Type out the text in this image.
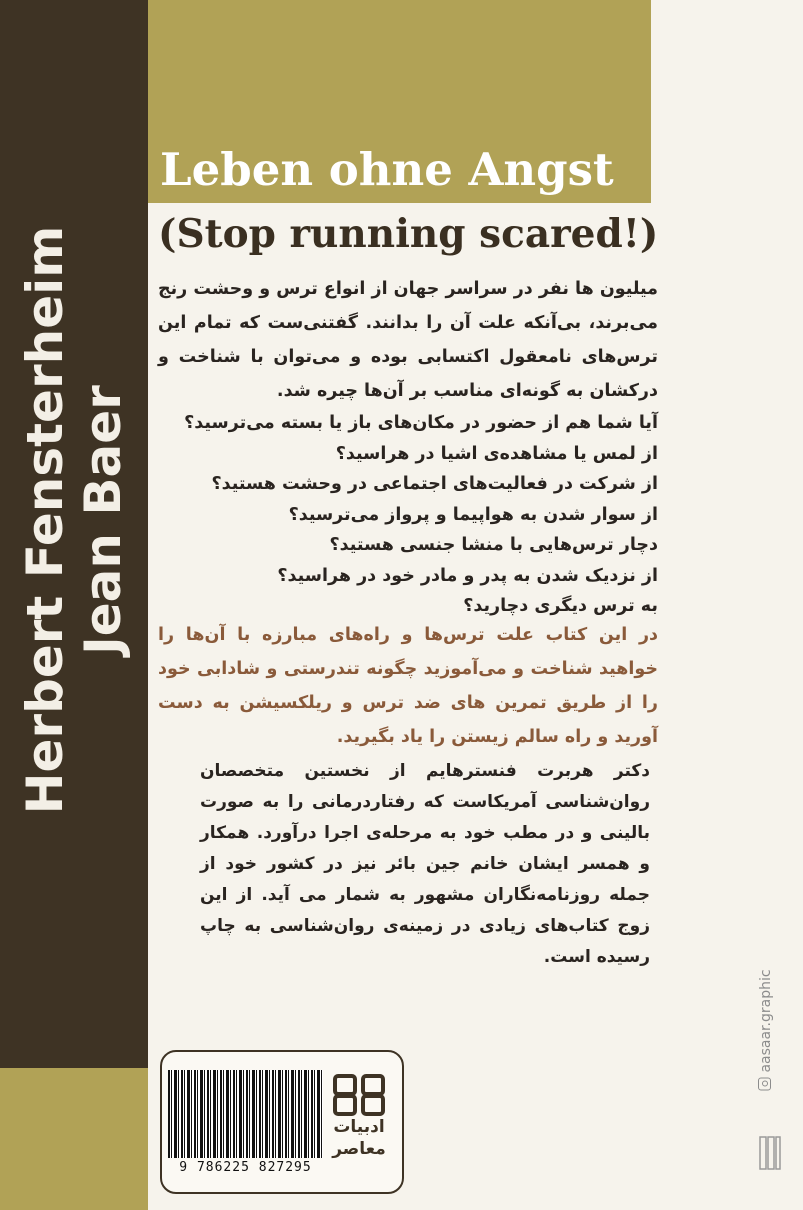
Herbert Fensterheim Jean Baer
Leben ohne Angst
(Stop running scared!)
میلیون ها نفر در سراسر جهان از انواع ترس و وحشت رنج می‌برند، بی‌آنکه علت آن را بدانند. گفتنی‌ست که تمام این ترس‌های نامعقول اکتسابی بوده و می‌توان با شناخت و درکشان به گونه‌ای مناسب بر آن‌ها چیره شد.
آیا شما هم از حضور در مکان‌های باز یا بسته می‌ترسید؟
از لمس یا مشاهده‌ی اشیا در هراسید؟
از شرکت در فعالیت‌های اجتماعی در وحشت هستید؟
از سوار شدن به هواپیما و پرواز می‌ترسید؟
دچار ترس‌هایی با منشا جنسی هستید؟
از نزدیک شدن به پدر و مادر خود در هراسید؟
به ترس دیگری دچارید؟
در این کتاب علت ترس‌ها و راه‌های مبارزه با آن‌ها را خواهید شناخت و می‌آموزید چگونه تندرستی و شادابی خود را از طریق تمرین های ضد ترس و ریلکسیشن به دست آورید و راه سالم زیستن را یاد بگیرید.
دکتر هربرت فنسترهایم از نخستین متخصصان روان‌شناسی آمریکاست که رفتاردرمانی را به صورت بالینی و در مطب خود به مرحله‌ی اجرا درآورد. همکار و همسر ایشان خانم جین بائر نیز در کشور خود از جمله روزنامه‌نگاران مشهور به شمار می آید. از این زوج کتاب‌های زیادی در زمینه‌ی روان‌شناسی به چاپ رسیده است.
9 786225 827295
ادبیات معاصر
aasaar.graphic
